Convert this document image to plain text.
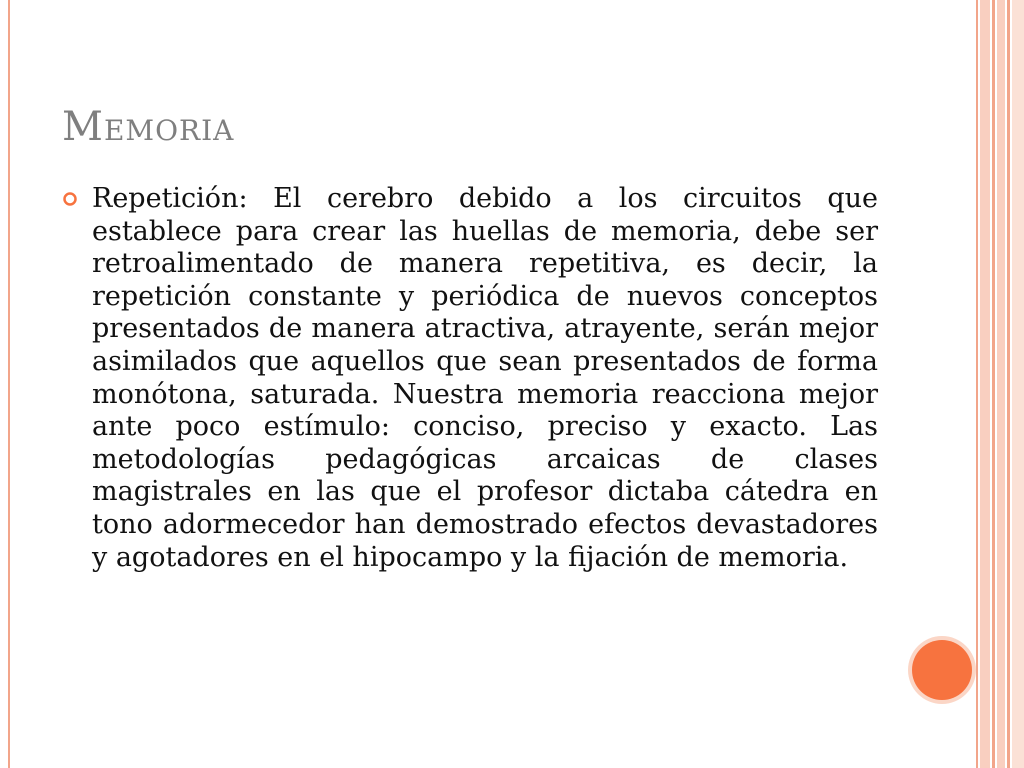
Memoria

Repetición: El cerebro debido a los circuitos que establece para crear las huellas de memoria, debe ser retroalimentado de manera repetitiva, es decir, la repetición constante y periódica de nuevos conceptos presentados de manera atractiva, atrayente, serán mejor asimilados que aquellos que sean presentados de forma monótona, saturada. Nuestra memoria reacciona mejor ante poco estímulo: conciso, preciso y exacto. Las metodologías pedagógicas arcaicas de clases magistrales en las que el profesor dictaba cátedra en tono adormecedor han demostrado efectos devastadores y agotadores en el hipocampo y la fijación de memoria.
